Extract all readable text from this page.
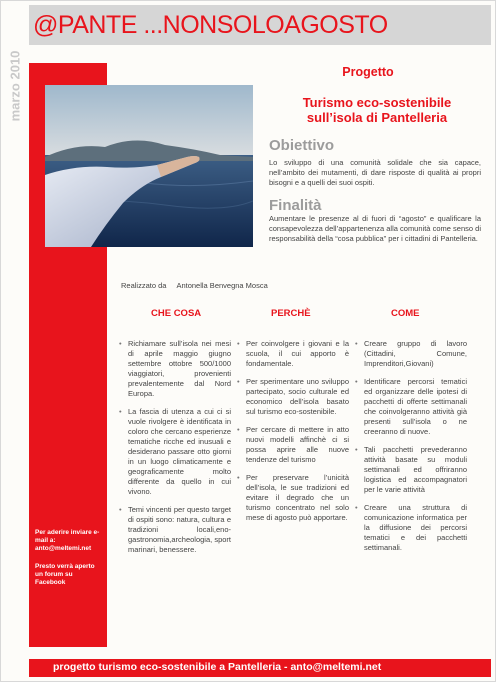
@PANTE ...NONSOLOAGOSTO
marzo 2010
Per aderire inviare e-mail a: anto@meltemi.net
Presto verrà aperto un forum su Facebook
Progetto
Turismo eco-sostenibile
sull’isola di Pantelleria
Obiettivo
Lo sviluppo di una comunità solidale che sia capace, nell’ambito dei mutamenti, di dare risposte di qualità ai propri bisogni e a quelli dei suoi ospiti.
Finalità
Aumentare le presenze al di fuori di “agosto” e qualificare la consapevolezza dell’appartenenza alla comunità come senso di responsabilità della “cosa pubblica” per i cittadini di Pantelleria.
Realizzato da Antonella Benvegna Mosca
CHE COSA	PERCHÈ	COME
• Richiamare sull’isola nei mesi di aprile maggio giugno settembre ottobre 500/1000 viaggiatori, provenienti prevalentemente dal Nord Europa.
• La fascia di utenza a cui ci si vuole rivolgere è identificata in coloro che cercano esperienze tematiche ricche ed inusuali e desiderano passare otto giorni in un luogo climaticamente e geograficamente molto differente da quello in cui vivono.
• Temi vincenti per questo target di ospiti sono: natura, cultura e tradizioni locali,eno-gastronomia,archeologia, sport marinari, benessere.
• Per coinvolgere i giovani e la scuola, il cui apporto è fondamentale.
• Per sperimentare uno sviluppo partecipato, socio culturale ed economico dell’isola basato sul turismo eco-sostenibile.
• Per cercare di mettere in atto nuovi modelli affinchè ci si possa aprire alle nuove tendenze del turismo
• Per preservare l’unicità dell’isola, le sue tradizioni ed evitare il degrado che un turismo concentrato nel solo mese di agosto può apportare.
• Creare gruppo di lavoro (Cittadini, Comune, Imprenditori,Giovani)
• Identificare percorsi tematici ed organizzare delle ipotesi di pacchetti di offerte settimanali che coinvolgeranno attività già presenti sull’isola o ne creeranno di nuove.
• Tali pacchetti prevederanno attività basate su moduli settimanali ed offriranno logistica ed accompagnatori per le varie attività
• Creare una struttura di comunicazione informatica per la diffusione dei percorsi tematici e dei pacchetti settimanali.
progetto turismo eco-sostenibile a Pantelleria - anto@meltemi.net
